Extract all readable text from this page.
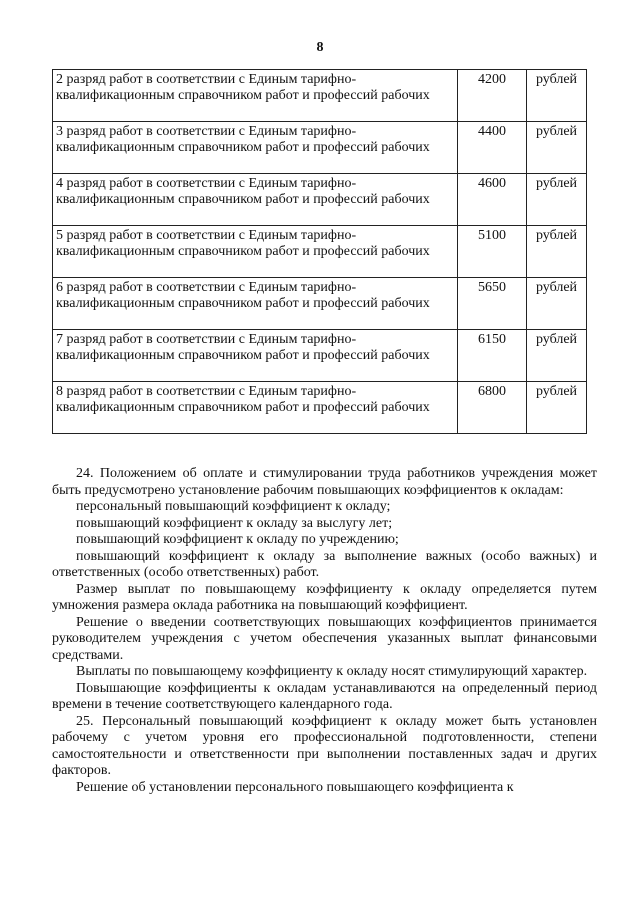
8
2 разряд работ в соответствии с Единым тарифно-квалификационным справочником работ и профессий рабочих	4200	рублей
3 разряд работ в соответствии с Единым тарифно-квалификационным справочником работ и профессий рабочих	4400	рублей
4 разряд работ в соответствии с Единым тарифно-квалификационным справочником работ и профессий рабочих	4600	рублей
5 разряд работ в соответствии с Единым тарифно-квалификационным справочником работ и профессий рабочих	5100	рублей
6 разряд работ в соответствии с Единым тарифно-квалификационным справочником работ и профессий рабочих	5650	рублей
7 разряд работ в соответствии с Единым тарифно-квалификационным справочником работ и профессий рабочих	6150	рублей
8 разряд работ в соответствии с Единым тарифно-квалификационным справочником работ и профессий рабочих	6800	рублей

24. Положением об оплате и стимулировании труда работников учреждения может быть предусмотрено установление рабочим повышающих коэффициентов к окладам:

персональный повышающий коэффициент к окладу;

повышающий коэффициент к окладу за выслугу лет;

повышающий коэффициент к окладу по учреждению;

повышающий коэффициент к окладу за выполнение важных (особо важных) и ответственных (особо ответственных) работ.

Размер выплат по повышающему коэффициенту к окладу определяется путем умножения размера оклада работника на повышающий коэффициент.

Решение о введении соответствующих повышающих коэффициентов принимается руководителем учреждения с учетом обеспечения указанных выплат финансовыми средствами.

Выплаты по повышающему коэффициенту к окладу носят стимулирующий характер.

Повышающие коэффициенты к окладам устанавливаются на определенный период времени в течение соответствующего календарного года.

25. Персональный повышающий коэффициент к окладу может быть установлен рабочему с учетом уровня его профессиональной подготовленности, степени самостоятельности и ответственности при выполнении поставленных задач и других факторов.

Решение об установлении персонального повышающего коэффициента к
